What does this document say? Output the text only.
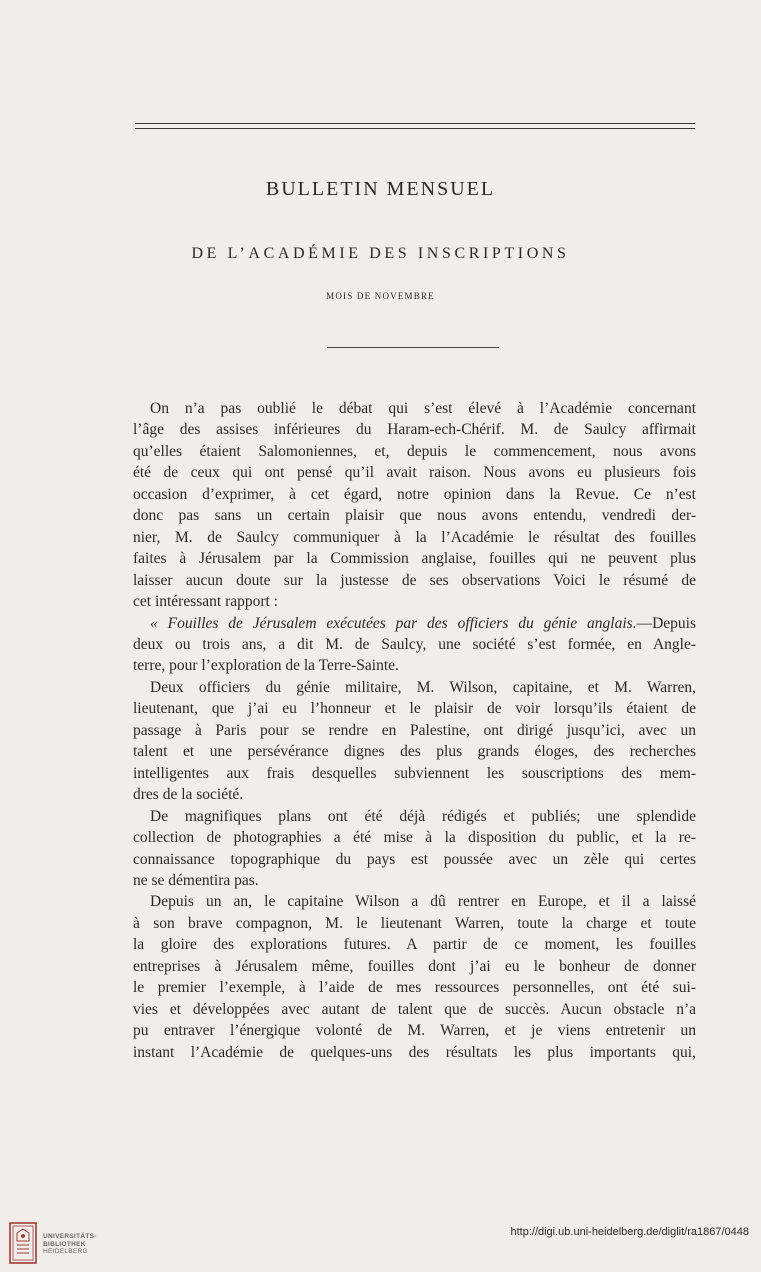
BULLETIN MENSUEL
DE L’ACADÉMIE DES INSCRIPTIONS
MOIS DE NOVEMBRE

On n’a pas oublié le débat qui s’est élevé à l’Académie concernant
l’âge des assises inférieures du Haram-ech-Chérif. M. de Saulcy affirmait
qu’elles étaient Salomoniennes, et, depuis le commencement, nous avons
été de ceux qui ont pensé qu’il avait raison. Nous avons eu plusieurs fois
occasion d’exprimer, à cet égard, notre opinion dans la Revue. Ce n’est
donc pas sans un certain plaisir que nous avons entendu, vendredi der-
nier, M. de Saulcy communiquer à la l’Académie le résultat des fouilles
faites à Jérusalem par la Commission anglaise, fouilles qui ne peuvent plus
laisser aucun doute sur la justesse de ses observations Voici le résumé de
cet intéressant rapport :

« Fouilles de Jérusalem exécutées par des officiers du génie anglais.—Depuis
deux ou trois ans, a dit M. de Saulcy, une société s’est formée, en Angle-
terre, pour l’exploration de la Terre-Sainte.

Deux officiers du génie militaire, M. Wilson, capitaine, et M. Warren,
lieutenant, que j’ai eu l’honneur et le plaisir de voir lorsqu’ils étaient de
passage à Paris pour se rendre en Palestine, ont dirigé jusqu’ici, avec un
talent et une persévérance dignes des plus grands éloges, des recherches
intelligentes aux frais desquelles subviennent les souscriptions des mem-
dres de la société.

De magnifiques plans ont été déjà rédigés et publiés; une splendide
collection de photographies a été mise à la disposition du public, et la re-
connaissance topographique du pays est poussée avec un zèle qui certes
ne se démentira pas.

Depuis un an, le capitaine Wilson a dû rentrer en Europe, et il a laissé
à son brave compagnon, M. le lieutenant Warren, toute la charge et toute
la gloire des explorations futures. A partir de ce moment, les fouilles
entreprises à Jérusalem même, fouilles dont j’ai eu le bonheur de donner
le premier l’exemple, à l’aide de mes ressources personnelles, ont été sui-
vies et développées avec autant de talent que de succès. Aucun obstacle n’a
pu entraver l’énergique volonté de M. Warren, et je viens entretenir un
instant l’Académie de quelques-uns des résultats les plus importants qui,

UNIVERSITÄTS-
BIBLIOTHEK
HEIDELBERG
http://digi.ub.uni-heidelberg.de/diglit/ra1867/0448
